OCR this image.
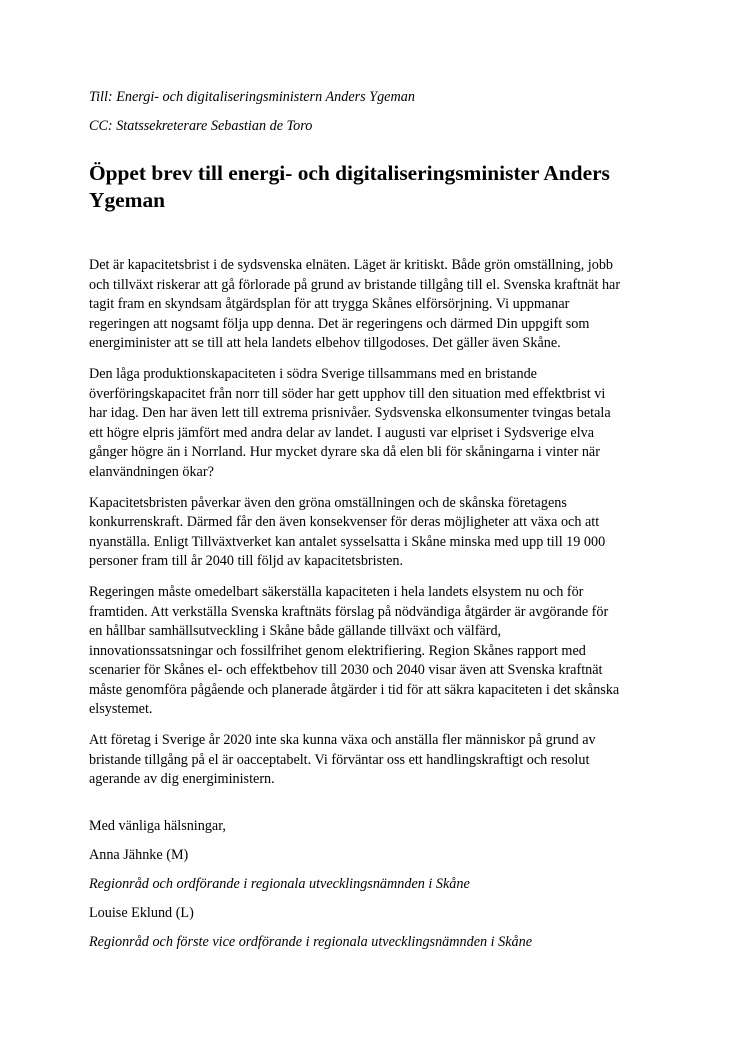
Till: Energi- och digitaliseringsministern Anders Ygeman

CC: Statssekreterare Sebastian de Toro

Öppet brev till energi- och digitaliseringsminister Anders Ygeman

Det är kapacitetsbrist i de sydsvenska elnäten. Läget är kritiskt. Både grön omställning, jobb
och tillväxt riskerar att gå förlorade på grund av bristande tillgång till el. Svenska kraftnät har
tagit fram en skyndsam åtgärdsplan för att trygga Skånes elförsörjning. Vi uppmanar
regeringen att nogsamt följa upp denna. Det är regeringens och därmed Din uppgift som
energiminister att se till att hela landets elbehov tillgodoses. Det gäller även Skåne.

Den låga produktionskapaciteten i södra Sverige tillsammans med en bristande
överföringskapacitet från norr till söder har gett upphov till den situation med effektbrist vi
har idag. Den har även lett till extrema prisnivåer. Sydsvenska elkonsumenter tvingas betala
ett högre elpris jämfört med andra delar av landet. I augusti var elpriset i Sydsverige elva
gånger högre än i Norrland. Hur mycket dyrare ska då elen bli för skåningarna i vinter när
elanvändningen ökar?

Kapacitetsbristen påverkar även den gröna omställningen och de skånska företagens
konkurrenskraft. Därmed får den även konsekvenser för deras möjligheter att växa och att
nyanställa. Enligt Tillväxtverket kan antalet sysselsatta i Skåne minska med upp till 19 000
personer fram till år 2040 till följd av kapacitetsbristen.

Regeringen måste omedelbart säkerställa kapaciteten i hela landets elsystem nu och för
framtiden. Att verkställa Svenska kraftnäts förslag på nödvändiga åtgärder är avgörande för
en hållbar samhällsutveckling i Skåne både gällande tillväxt och välfärd,
innovationssatsningar och fossilfrihet genom elektrifiering. Region Skånes rapport med
scenarier för Skånes el- och effektbehov till 2030 och 2040 visar även att Svenska kraftnät
måste genomföra pågående och planerade åtgärder i tid för att säkra kapaciteten i det skånska
elsystemet.

Att företag i Sverige år 2020 inte ska kunna växa och anställa fler människor på grund av
bristande tillgång på el är oacceptabelt. Vi förväntar oss ett handlingskraftigt och resolut
agerande av dig energiministern.

Med vänliga hälsningar,

Anna Jähnke (M)

Regionråd och ordförande i regionala utvecklingsnämnden i Skåne

Louise Eklund (L)

Regionråd och förste vice ordförande i regionala utvecklingsnämnden i Skåne
